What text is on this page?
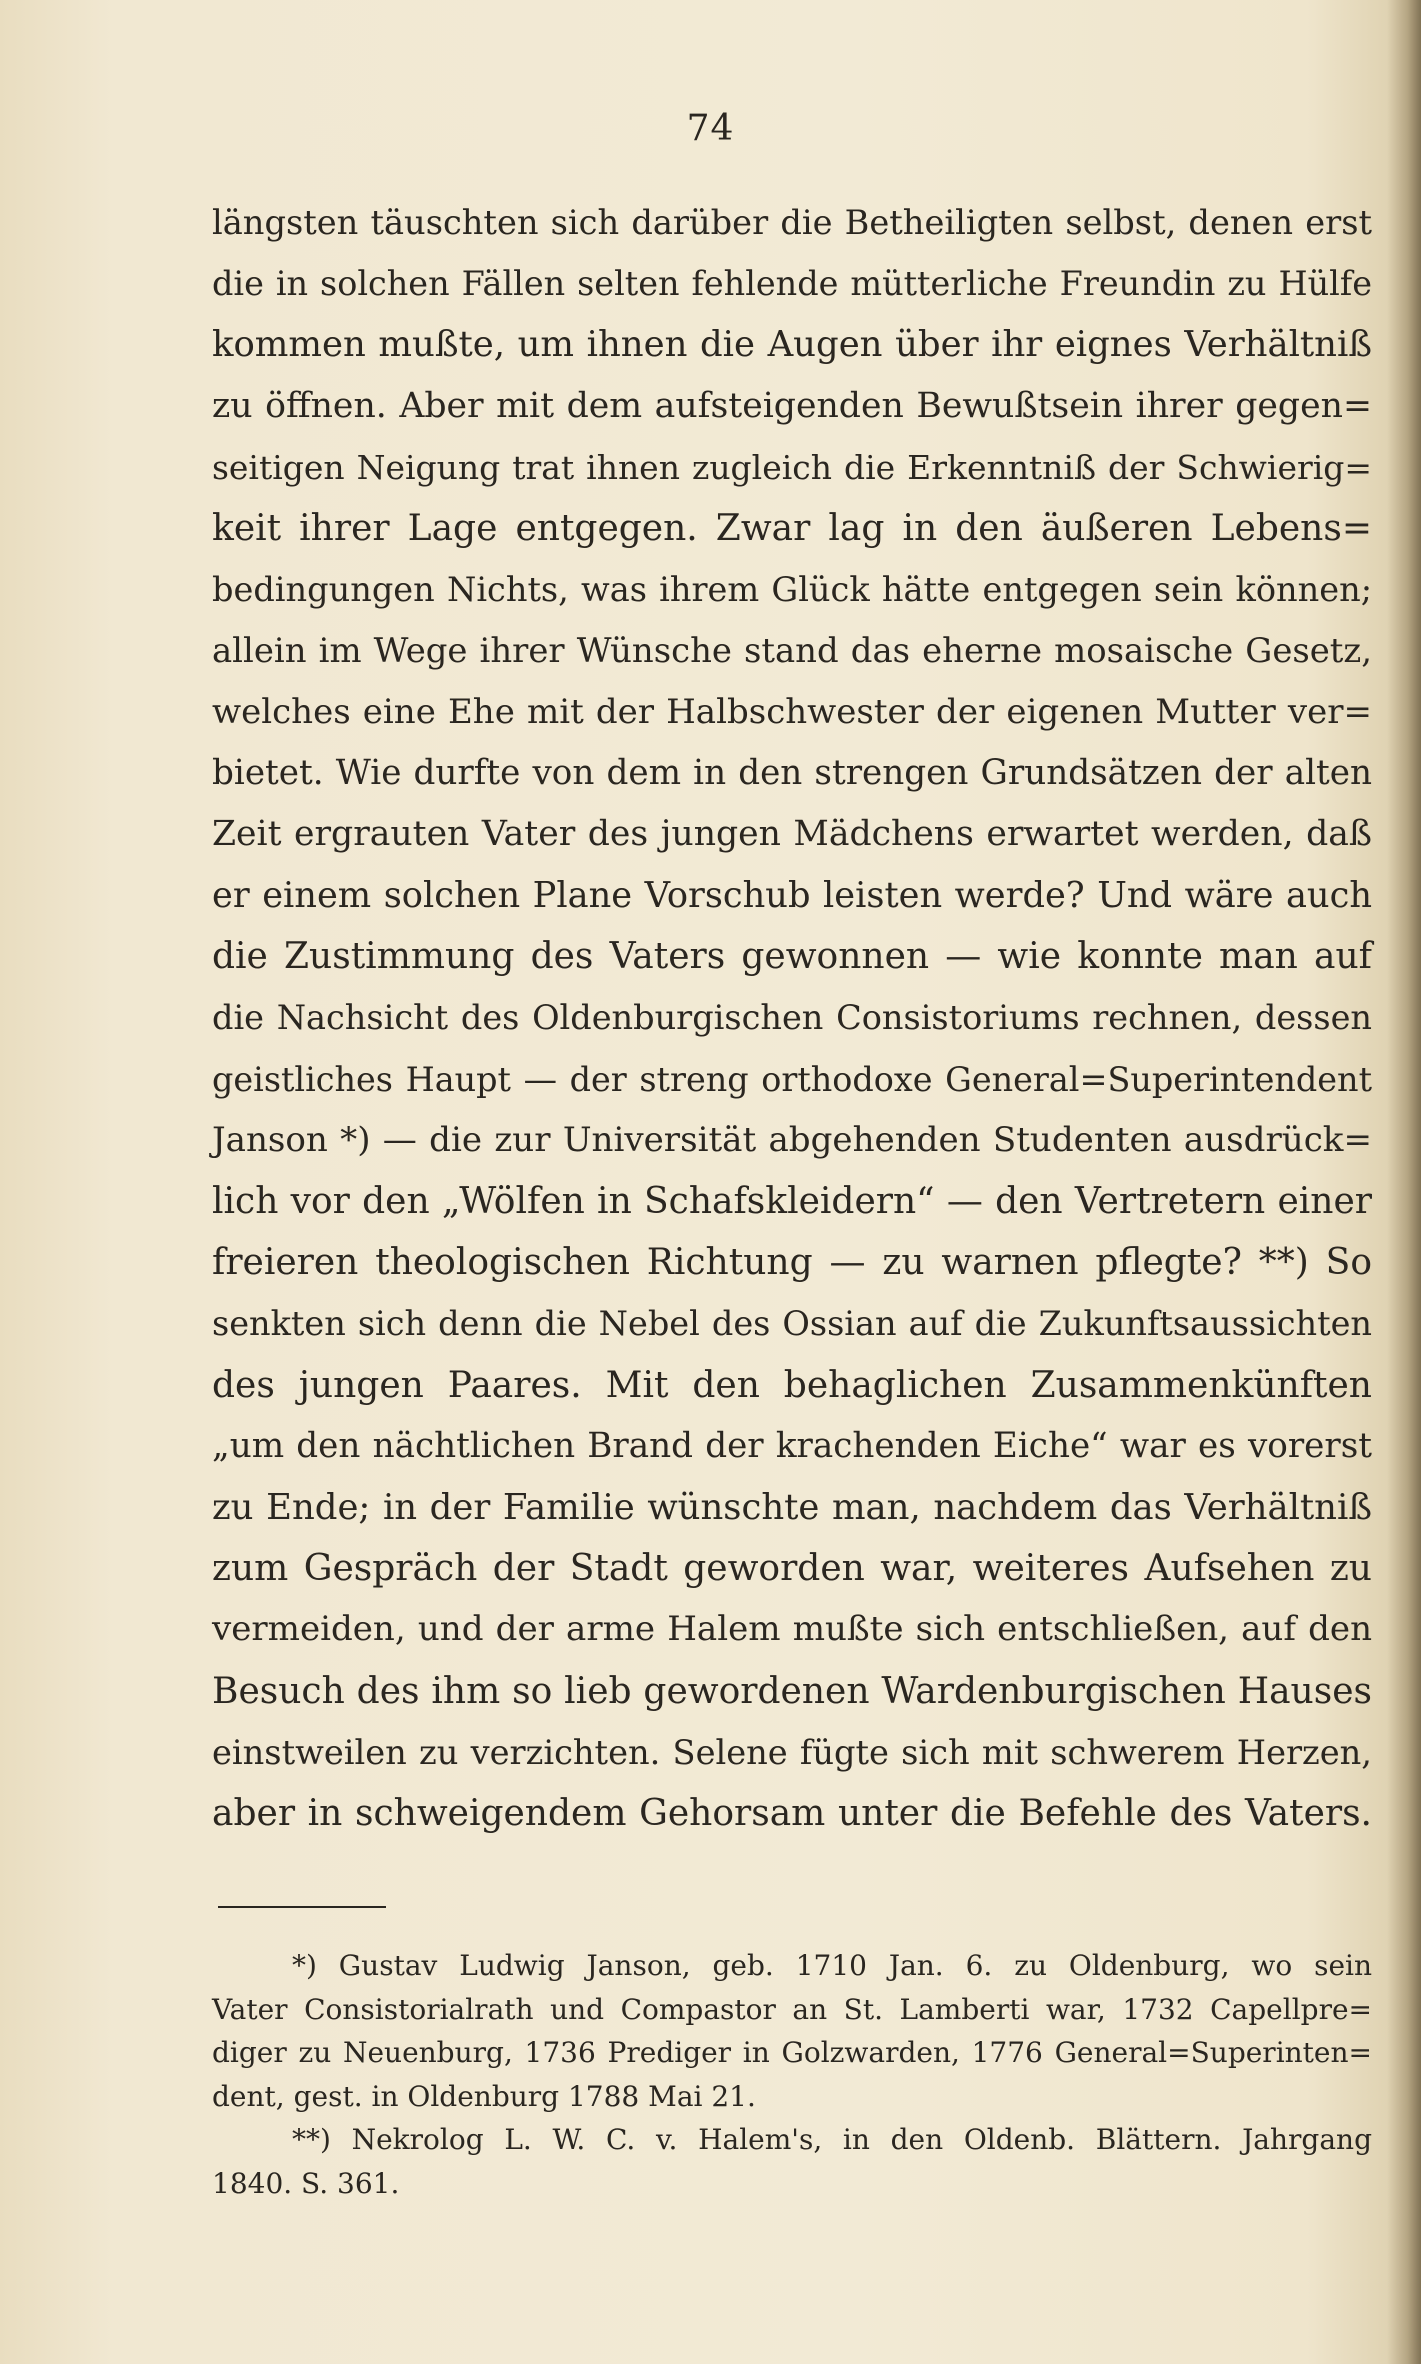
74
längsten täuschten sich darüber die Betheiligten selbst, denen erst
die in solchen Fällen selten fehlende mütterliche Freundin zu Hülfe
kommen mußte, um ihnen die Augen über ihr eignes Verhältniß
zu öffnen. Aber mit dem aufsteigenden Bewußtsein ihrer gegen=
seitigen Neigung trat ihnen zugleich die Erkenntniß der Schwierig=
keit ihrer Lage entgegen. Zwar lag in den äußeren Lebens=
bedingungen Nichts, was ihrem Glück hätte entgegen sein können;
allein im Wege ihrer Wünsche stand das eherne mosaische Gesetz,
welches eine Ehe mit der Halbschwester der eigenen Mutter ver=
bietet. Wie durfte von dem in den strengen Grundsätzen der alten
Zeit ergrauten Vater des jungen Mädchens erwartet werden, daß
er einem solchen Plane Vorschub leisten werde? Und wäre auch
die Zustimmung des Vaters gewonnen — wie konnte man auf
die Nachsicht des Oldenburgischen Consistoriums rechnen, dessen
geistliches Haupt — der streng orthodoxe General=Superintendent
Janson *) — die zur Universität abgehenden Studenten ausdrück=
lich vor den „Wölfen in Schafskleidern“ — den Vertretern einer
freieren theologischen Richtung — zu warnen pflegte? **) So
senkten sich denn die Nebel des Ossian auf die Zukunftsaussichten
des jungen Paares. Mit den behaglichen Zusammenkünften
„um den nächtlichen Brand der krachenden Eiche“ war es vorerst
zu Ende; in der Familie wünschte man, nachdem das Verhältniß
zum Gespräch der Stadt geworden war, weiteres Aufsehen zu
vermeiden, und der arme Halem mußte sich entschließen, auf den
Besuch des ihm so lieb gewordenen Wardenburgischen Hauses
einstweilen zu verzichten. Selene fügte sich mit schwerem Herzen,
aber in schweigendem Gehorsam unter die Befehle des Vaters.
*) Gustav Ludwig Janson, geb. 1710 Jan. 6. zu Oldenburg, wo sein
Vater Consistorialrath und Compastor an St. Lamberti war, 1732 Capellpre=
diger zu Neuenburg, 1736 Prediger in Golzwarden, 1776 General=Superinten=
dent, gest. in Oldenburg 1788 Mai 21.
**) Nekrolog L. W. C. v. Halem's, in den Oldenb. Blättern. Jahrgang
1840. S. 361.
